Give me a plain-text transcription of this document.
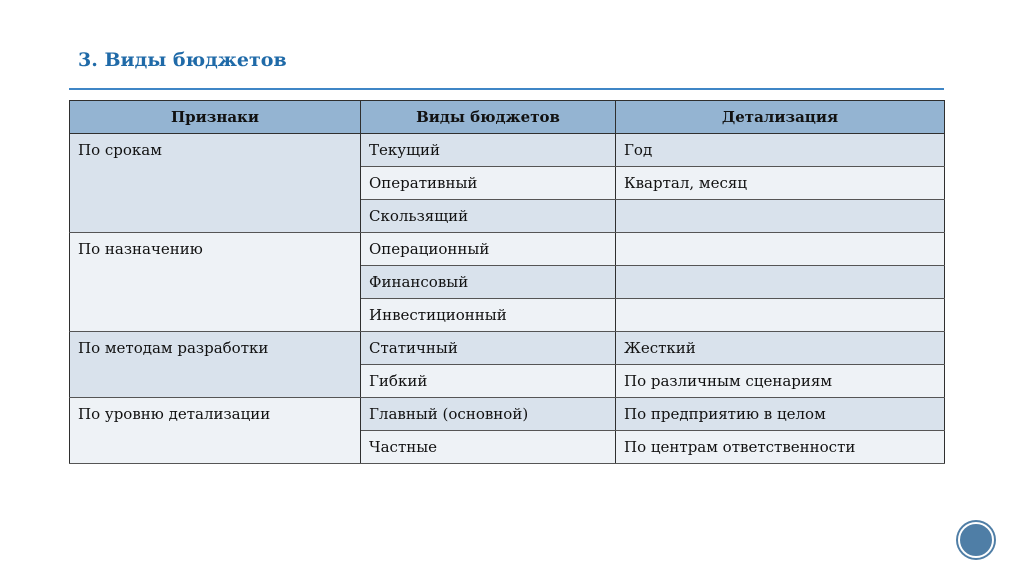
3. Виды бюджетов
Признаки	Виды бюджетов	Детализация
По срокам	Текущий	Год
	Оперативный	Квартал, месяц
	Скользящий	
По назначению	Операционный	
	Финансовый	
	Инвестиционный	
По методам разработки	Статичный	Жесткий
	Гибкий	По различным сценариям
По уровню детализации	Главный (основной)	По предприятию в целом
	Частные	По центрам ответственности
